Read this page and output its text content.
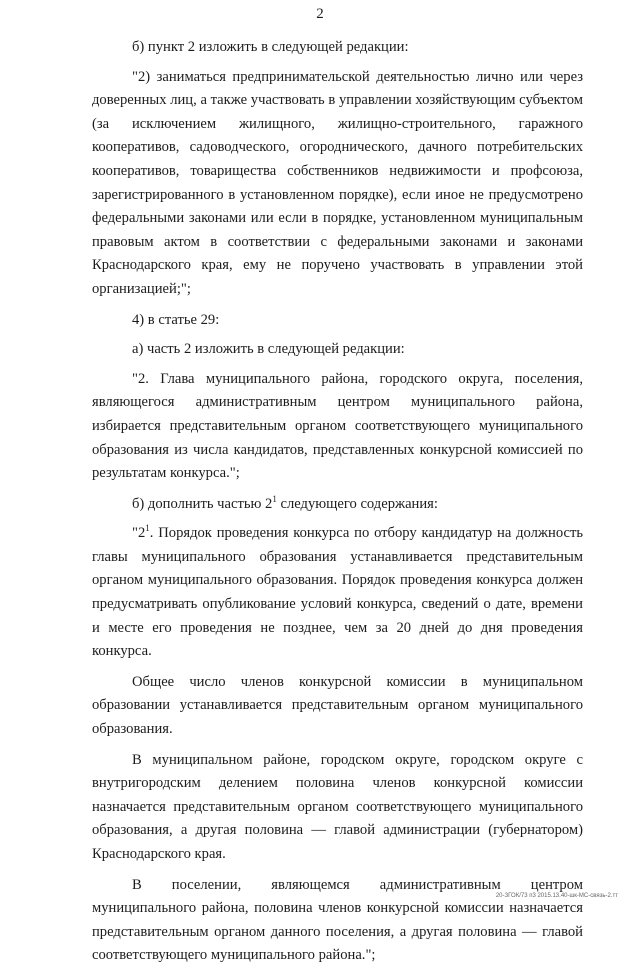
2

б) пункт 2 изложить в следующей редакции:

"2) заниматься предпринимательской деятельностью лично или через доверенных лиц, а также участвовать в управлении хозяйствующим субъектом (за исключением жилищного, жилищно-строительного, гаражного кооперативов, садоводческого, огороднического, дачного потребительских кооперативов, товарищества собственников недвижимости и профсоюза, зарегистрированного в установленном порядке), если иное не предусмотрено федеральными законами или если в порядке, установленном муниципальным правовым актом в соответствии с федеральными законами и законами Краснодарского края, ему не поручено участвовать в управлении этой организацией;";

4) в статье 29:

а) часть 2 изложить в следующей редакции:

"2. Глава муниципального района, городского округа, поселения, являющегося административным центром муниципального района, избирается представительным органом соответствующего муниципального образования из числа кандидатов, представленных конкурсной комиссией по результатам конкурса.";

б) дополнить частью $2^1$ следующего содержания:

"$2^1$. Порядок проведения конкурса по отбору кандидатур на должность главы муниципального образования устанавливается представительным органом муниципального образования. Порядок проведения конкурса должен предусматривать опубликование условий конкурса, сведений о дате, времени и месте его проведения не позднее, чем за 20 дней до дня проведения конкурса.

Общее число членов конкурсной комиссии в муниципальном образовании устанавливается представительным органом муниципального образования.

В муниципальном районе, городском округе, городском округе с внутригородским делением половина членов конкурсной комиссии назначается представительным органом соответствующего муниципального образования, а другая половина — главой администрации (губернатором) Краснодарского края.

В поселении, являющемся административным центром муниципального района, половина членов конкурсной комиссии назначается представительным органом данного поселения, а другая половина — главой соответствующего муниципального района.";

20-ЗГОК/73 п3 2015.13.40-шк-МС-связь-2.тт
